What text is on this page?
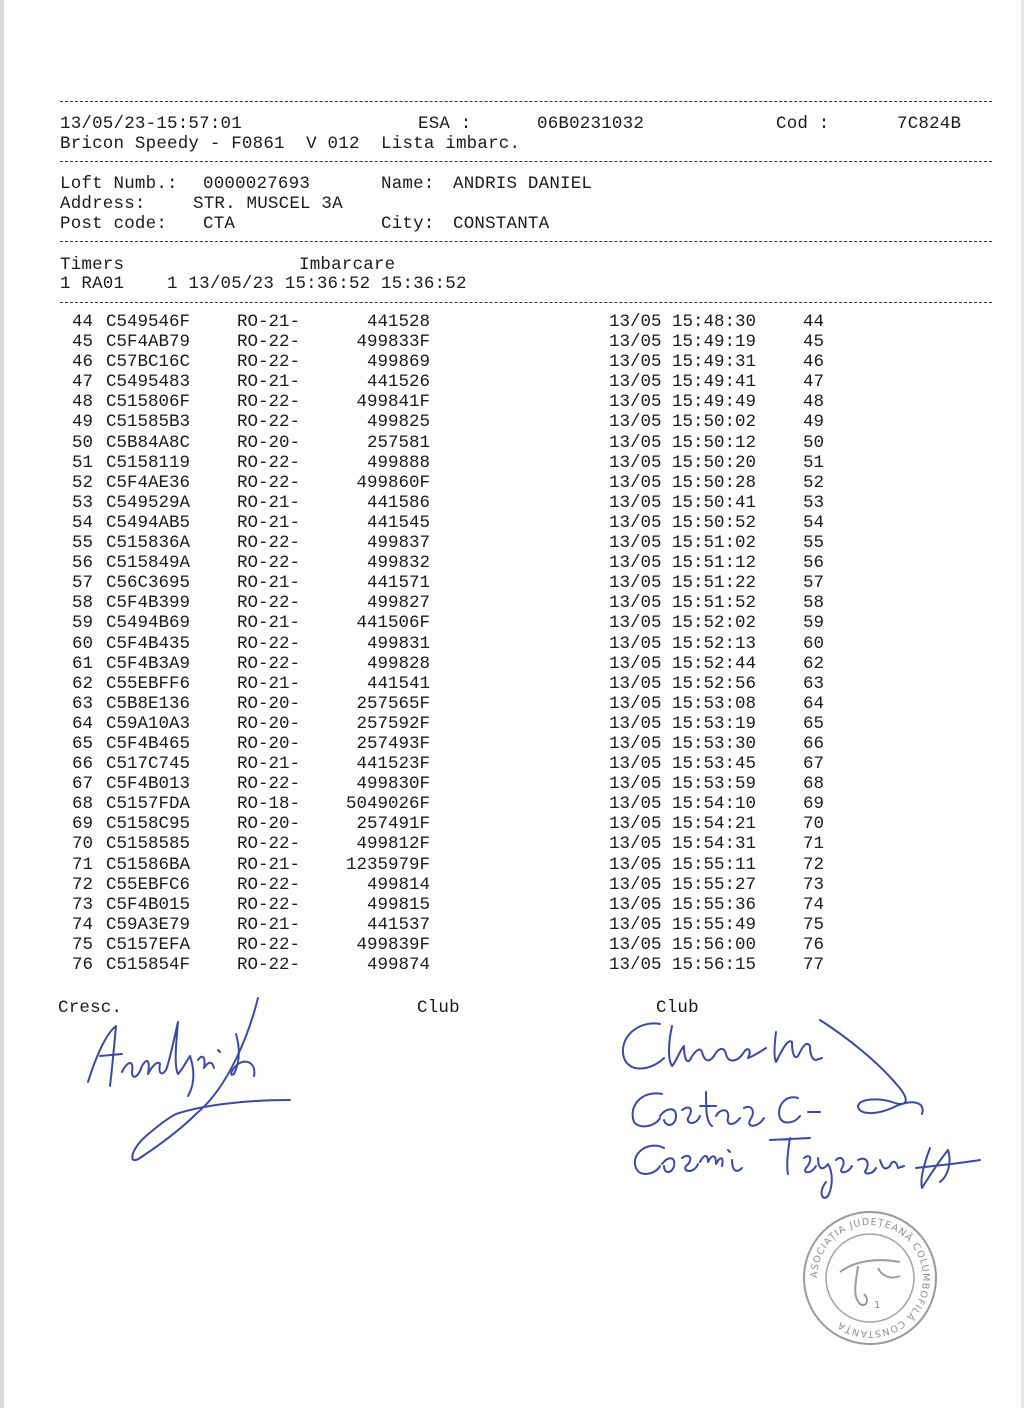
13/05/23-15:57:01	ESA :	06B0231032	Cod :	7C824B
Bricon Speedy - F0861  V 012  Lista imbarc.
Loft Numb.: 0000027693	Name: ANDRIS DANIEL
Address:	STR. MUSCEL 3A
Post code: CTA	City: CONSTANTA
Timers	Imbarcare
1 RA01    1 13/05/23 15:36:52 15:36:52
44 C549546F	RO-21-	441528	13/05 15:48:30	44
45 C5F4AB79	RO-22-	499833F	13/05 15:49:19	45
46 C57BC16C	RO-22-	499869	13/05 15:49:31	46
47 C5495483	RO-21-	441526	13/05 15:49:41	47
48 C515806F	RO-22-	499841F	13/05 15:49:49	48
49 C51585B3	RO-22-	499825	13/05 15:50:02	49
50 C5B84A8C	RO-20-	257581	13/05 15:50:12	50
51 C5158119	RO-22-	499888	13/05 15:50:20	51
52 C5F4AE36	RO-22-	499860F	13/05 15:50:28	52
53 C549529A	RO-21-	441586	13/05 15:50:41	53
54 C5494AB5	RO-21-	441545	13/05 15:50:52	54
55 C515836A	RO-22-	499837	13/05 15:51:02	55
56 C515849A	RO-22-	499832	13/05 15:51:12	56
57 C56C3695	RO-21-	441571	13/05 15:51:22	57
58 C5F4B399	RO-22-	499827	13/05 15:51:52	58
59 C5494B69	RO-21-	441506F	13/05 15:52:02	59
60 C5F4B435	RO-22-	499831	13/05 15:52:13	60
61 C5F4B3A9	RO-22-	499828	13/05 15:52:44	62
62 C55EBFF6	RO-21-	441541	13/05 15:52:56	63
63 C5B8E136	RO-20-	257565F	13/05 15:53:08	64
64 C59A10A3	RO-20-	257592F	13/05 15:53:19	65
65 C5F4B465	RO-20-	257493F	13/05 15:53:30	66
66 C517C745	RO-21-	441523F	13/05 15:53:45	67
67 C5F4B013	RO-22-	499830F	13/05 15:53:59	68
68 C5157FDA	RO-18-	5049026F	13/05 15:54:10	69
69 C5158C95	RO-20-	257491F	13/05 15:54:21	70
70 C5158585	RO-22-	499812F	13/05 15:54:31	71
71 C51586BA	RO-21-	1235979F	13/05 15:55:11	72
72 C55EBFC6	RO-22-	499814	13/05 15:55:27	73
73 C5F4B015	RO-22-	499815	13/05 15:55:36	74
74 C59A3E79	RO-21-	441537	13/05 15:55:49	75
75 C5157EFA	RO-22-	499839F	13/05 15:56:00	76
76 C515854F	RO-22-	499874	13/05 15:56:15	77
Cresc.	Club	Club
ASOCIAȚIA JUDEȚEANĂ COLUMBOFILĂ CONSTANȚA
1
